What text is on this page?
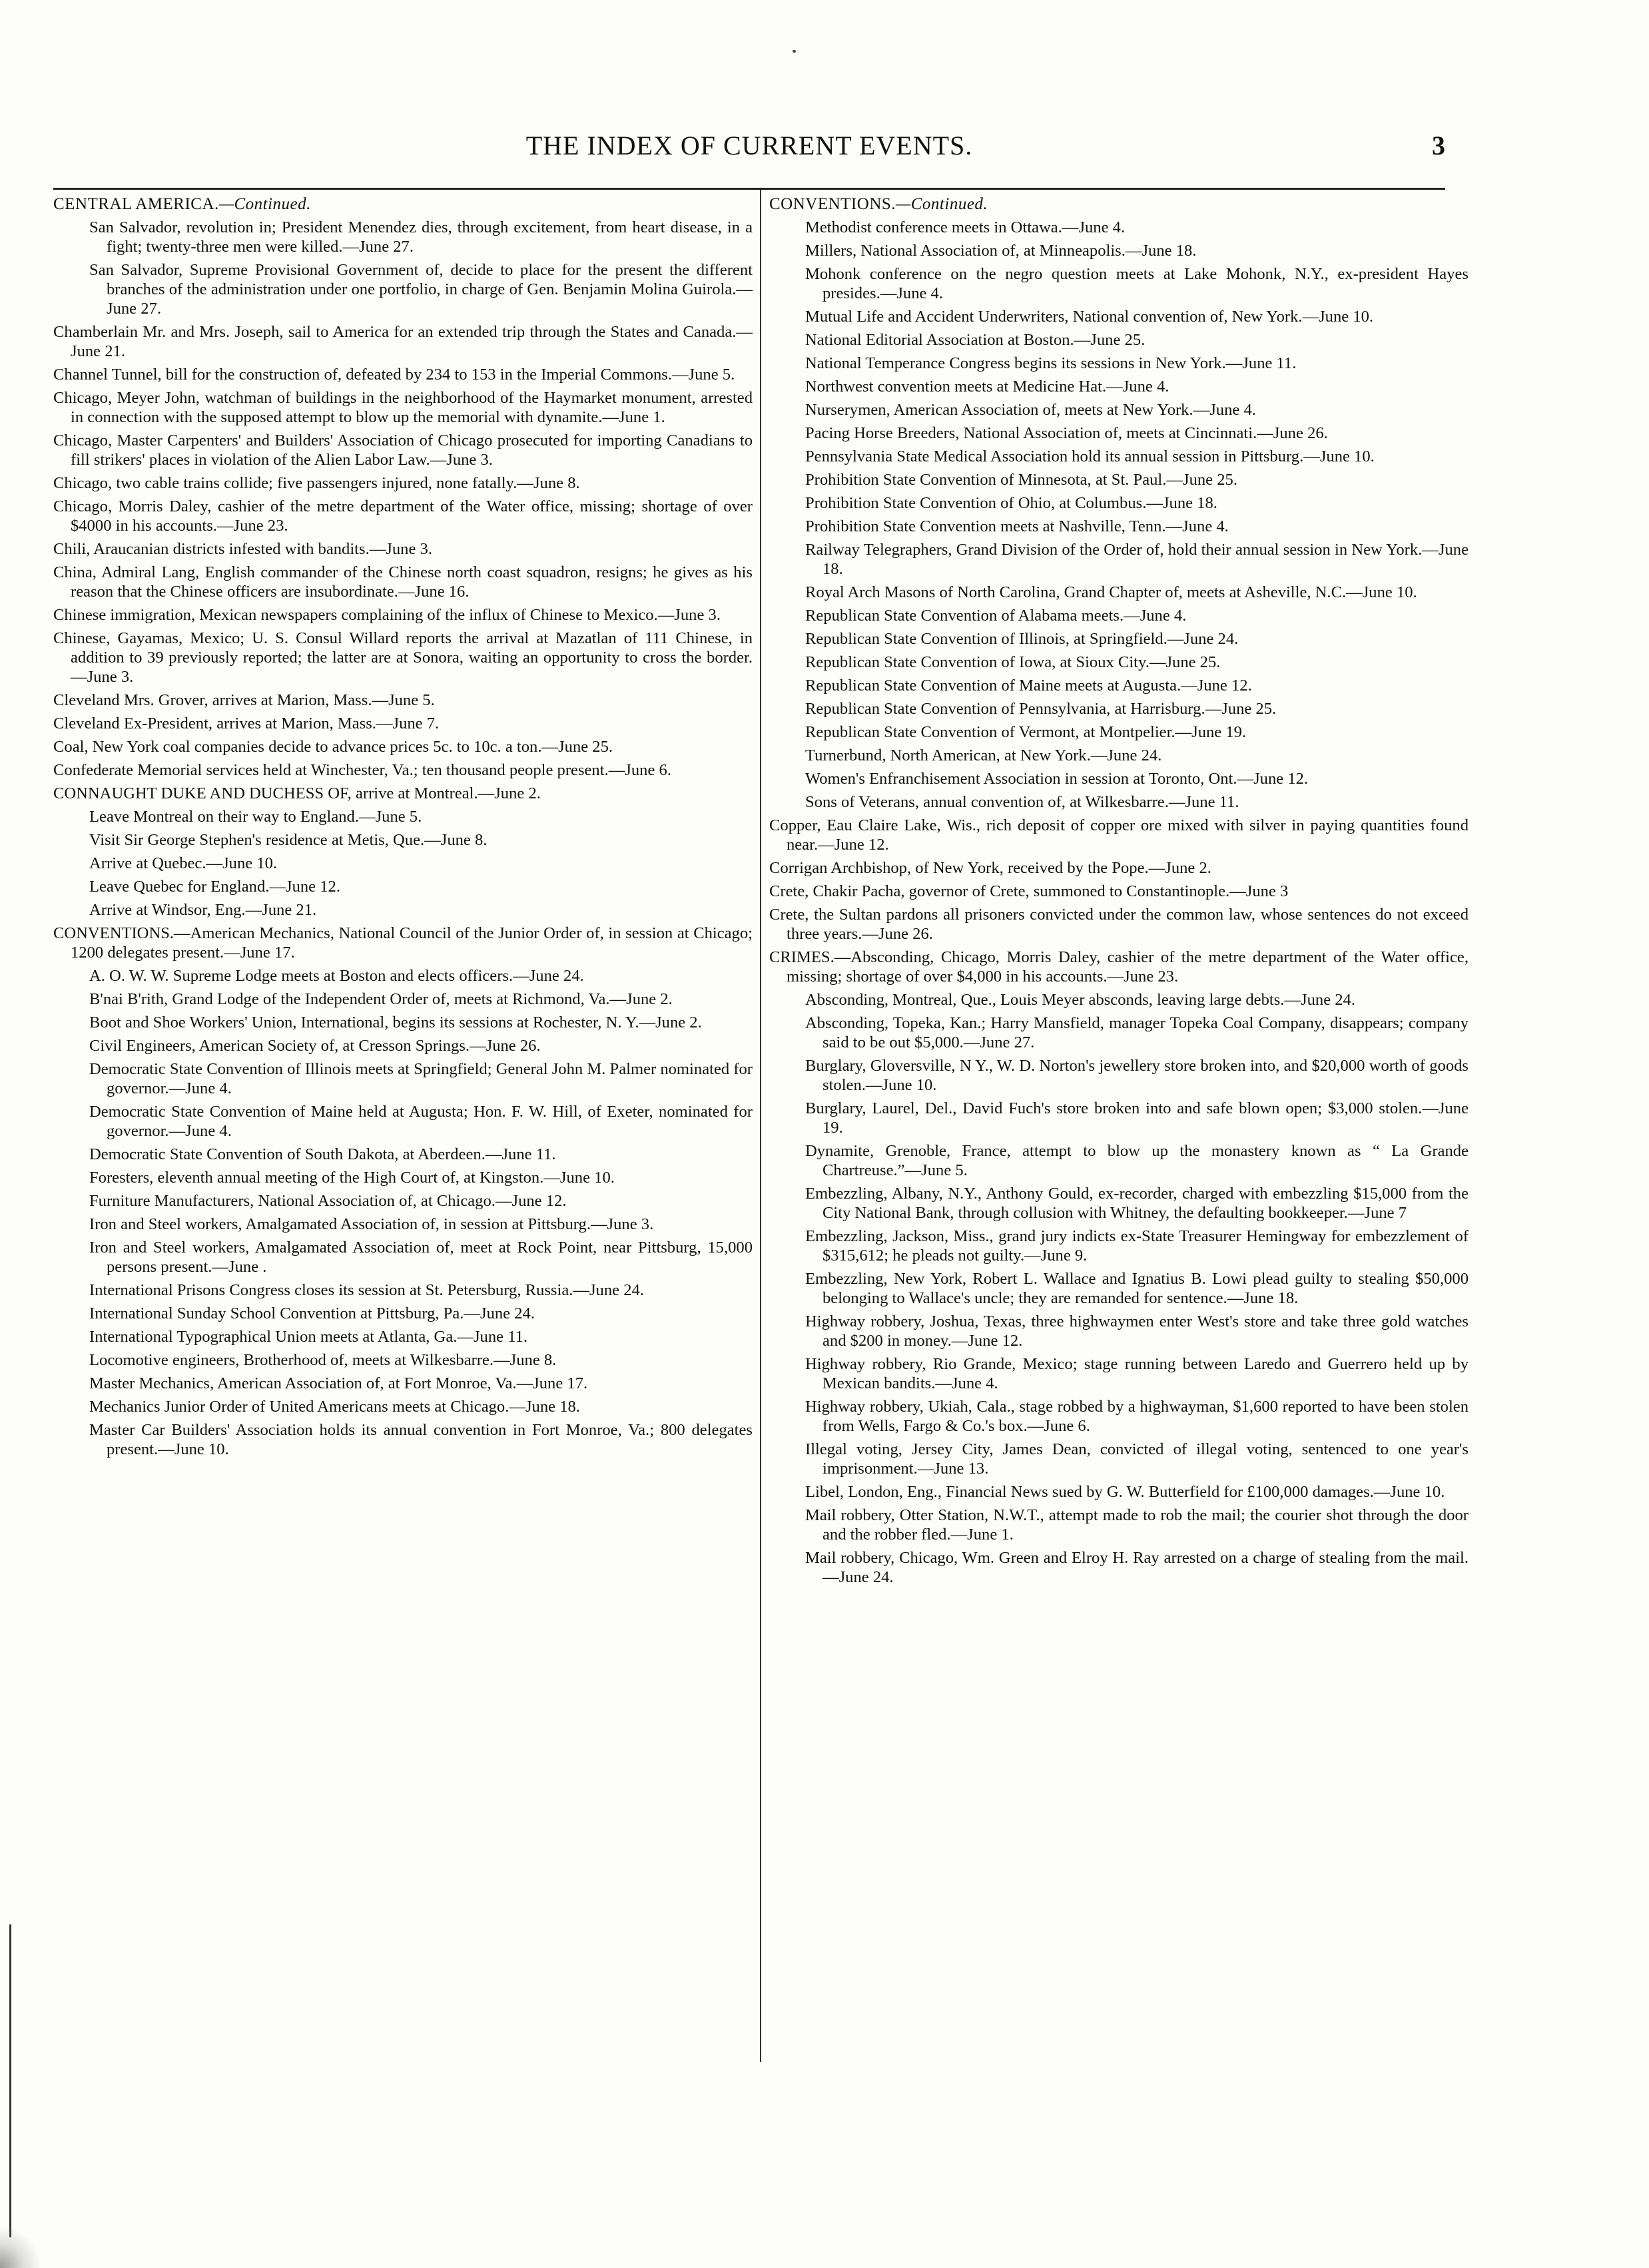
THE INDEX OF CURRENT EVENTS.	3
CENTRAL AMERICA.—Continued.

San Salvador, revolution in; President Menendez dies, through excitement, from heart disease, in a fight; twenty-three men were killed.—June 27.

San Salvador, Supreme Provisional Government of, decide to place for the present the different branches of the administration under one portfolio, in charge of Gen. Benjamin Molina Guirola.—June 27.

Chamberlain Mr. and Mrs. Joseph, sail to America for an extended trip through the States and Canada.—June 21.

Channel Tunnel, bill for the construction of, defeated by 234 to 153 in the Imperial Commons.—June 5.

Chicago, Meyer John, watchman of buildings in the neighborhood of the Haymarket monument, arrested in connection with the supposed attempt to blow up the memorial with dynamite.—June 1.

Chicago, Master Carpenters' and Builders' Association of Chicago prosecuted for importing Canadians to fill strikers' places in violation of the Alien Labor Law.—June 3.

Chicago, two cable trains collide; five passengers injured, none fatally.—June 8.

Chicago, Morris Daley, cashier of the metre department of the Water office, missing; shortage of over $4000 in his accounts.—June 23.

Chili, Araucanian districts infested with bandits.—June 3.

China, Admiral Lang, English commander of the Chinese north coast squadron, resigns; he gives as his reason that the Chinese officers are insubordinate.—June 16.

Chinese immigration, Mexican newspapers complaining of the influx of Chinese to Mexico.—June 3.

Chinese, Gayamas, Mexico; U. S. Consul Willard reports the arrival at Mazatlan of 111 Chinese, in addition to 39 previously reported; the latter are at Sonora, waiting an opportunity to cross the border.—June 3.

Cleveland Mrs. Grover, arrives at Marion, Mass.—June 5.

Cleveland Ex-President, arrives at Marion, Mass.—June 7.

Coal, New York coal companies decide to advance prices 5c. to 10c. a ton.—June 25.

Confederate Memorial services held at Winchester, Va.; ten thousand people present.—June 6.

CONNAUGHT DUKE AND DUCHESS OF, arrive at Montreal.—June 2.

Leave Montreal on their way to England.—June 5.

Visit Sir George Stephen's residence at Metis, Que.—June 8.

Arrive at Quebec.—June 10.

Leave Quebec for England.—June 12.

Arrive at Windsor, Eng.—June 21.

CONVENTIONS.—American Mechanics, National Council of the Junior Order of, in session at Chicago; 1200 delegates present.—June 17.

A. O. W. W. Supreme Lodge meets at Boston and elects officers.—June 24.

B'nai B'rith, Grand Lodge of the Independent Order of, meets at Richmond, Va.—June 2.

Boot and Shoe Workers' Union, International, begins its sessions at Rochester, N. Y.—June 2.

Civil Engineers, American Society of, at Cresson Springs.—June 26.

Democratic State Convention of Illinois meets at Springfield; General John M. Palmer nominated for governor.—June 4.

Democratic State Convention of Maine held at Augusta; Hon. F. W. Hill, of Exeter, nominated for governor.—June 4.

Democratic State Convention of South Dakota, at Aberdeen.—June 11.

Foresters, eleventh annual meeting of the High Court of, at Kingston.—June 10.

Furniture Manufacturers, National Association of, at Chicago.—June 12.

Iron and Steel workers, Amalgamated Association of, in session at Pittsburg.—June 3.

Iron and Steel workers, Amalgamated Association of, meet at Rock Point, near Pittsburg, 15,000 persons present.—June .

International Prisons Congress closes its session at St. Petersburg, Russia.—June 24.

International Sunday School Convention at Pittsburg, Pa.—June 24.

International Typographical Union meets at Atlanta, Ga.—June 11.

Locomotive engineers, Brotherhood of, meets at Wilkesbarre.—June 8.

Master Mechanics, American Association of, at Fort Monroe, Va.—June 17.

Mechanics Junior Order of United Americans meets at Chicago.—June 18.

Master Car Builders' Association holds its annual convention in Fort Monroe, Va.; 800 delegates present.—June 10.

CONVENTIONS.—Continued.

Methodist conference meets in Ottawa.—June 4.

Millers, National Association of, at Minneapolis.—June 18.

Mohonk conference on the negro question meets at Lake Mohonk, N.Y., ex-president Hayes presides.—June 4.

Mutual Life and Accident Underwriters, National convention of, New York.—June 10.

National Editorial Association at Boston.—June 25.

National Temperance Congress begins its sessions in New York.—June 11.

Northwest convention meets at Medicine Hat.—June 4.

Nurserymen, American Association of, meets at New York.—June 4.

Pacing Horse Breeders, National Association of, meets at Cincinnati.—June 26.

Pennsylvania State Medical Association hold its annual session in Pittsburg.—June 10.

Prohibition State Convention of Minnesota, at St. Paul.—June 25.

Prohibition State Convention of Ohio, at Columbus.—June 18.

Prohibition State Convention meets at Nashville, Tenn.—June 4.

Railway Telegraphers, Grand Division of the Order of, hold their annual session in New York.—June 18.

Royal Arch Masons of North Carolina, Grand Chapter of, meets at Asheville, N.C.—June 10.

Republican State Convention of Alabama meets.—June 4.

Republican State Convention of Illinois, at Springfield.—June 24.

Republican State Convention of Iowa, at Sioux City.—June 25.

Republican State Convention of Maine meets at Augusta.—June 12.

Republican State Convention of Pennsylvania, at Harrisburg.—June 25.

Republican State Convention of Vermont, at Montpelier.—June 19.

Turnerbund, North American, at New York.—June 24.

Women's Enfranchisement Association in session at Toronto, Ont.—June 12.

Sons of Veterans, annual convention of, at Wilkesbarre.—June 11.

Copper, Eau Claire Lake, Wis., rich deposit of copper ore mixed with silver in paying quantities found near.—June 12.

Corrigan Archbishop, of New York, received by the Pope.—June 2.

Crete, Chakir Pacha, governor of Crete, summoned to Constantinople.—June 3

Crete, the Sultan pardons all prisoners convicted under the common law, whose sentences do not exceed three years.—June 26.

CRIMES.—Absconding, Chicago, Morris Daley, cashier of the metre department of the Water office, missing; shortage of over $4,000 in his accounts.—June 23.

Absconding, Montreal, Que., Louis Meyer absconds, leaving large debts.—June 24.

Absconding, Topeka, Kan.; Harry Mansfield, manager Topeka Coal Company, disappears; company said to be out $5,000.—June 27.

Burglary, Gloversville, N Y., W. D. Norton's jewellery store broken into, and $20,000 worth of goods stolen.—June 10.

Burglary, Laurel, Del., David Fuch's store broken into and safe blown open; $3,000 stolen.—June 19.

Dynamite, Grenoble, France, attempt to blow up the monastery known as “ La Grande Chartreuse.”—June 5.

Embezzling, Albany, N.Y., Anthony Gould, ex-recorder, charged with embezzling $15,000 from the City National Bank, through collusion with Whitney, the defaulting bookkeeper.—June 7

Embezzling, Jackson, Miss., grand jury indicts ex-State Treasurer Hemingway for embezzlement of $315,612; he pleads not guilty.—June 9.

Embezzling, New York, Robert L. Wallace and Ignatius B. Lowi plead guilty to stealing $50,000 belonging to Wallace's uncle; they are remanded for sentence.—June 18.

Highway robbery, Joshua, Texas, three highwaymen enter West's store and take three gold watches and $200 in money.—June 12.

Highway robbery, Rio Grande, Mexico; stage running between Laredo and Guerrero held up by Mexican bandits.—June 4.

Highway robbery, Ukiah, Cala., stage robbed by a highwayman, $1,600 reported to have been stolen from Wells, Fargo & Co.'s box.—June 6.

Illegal voting, Jersey City, James Dean, convicted of illegal voting, sentenced to one year's imprisonment.—June 13.

Libel, London, Eng., Financial News sued by G. W. Butterfield for £100,000 damages.—June 10.

Mail robbery, Otter Station, N.W.T., attempt made to rob the mail; the courier shot through the door and the robber fled.—June 1.

Mail robbery, Chicago, Wm. Green and Elroy H. Ray arrested on a charge of stealing from the mail.—June 24.
